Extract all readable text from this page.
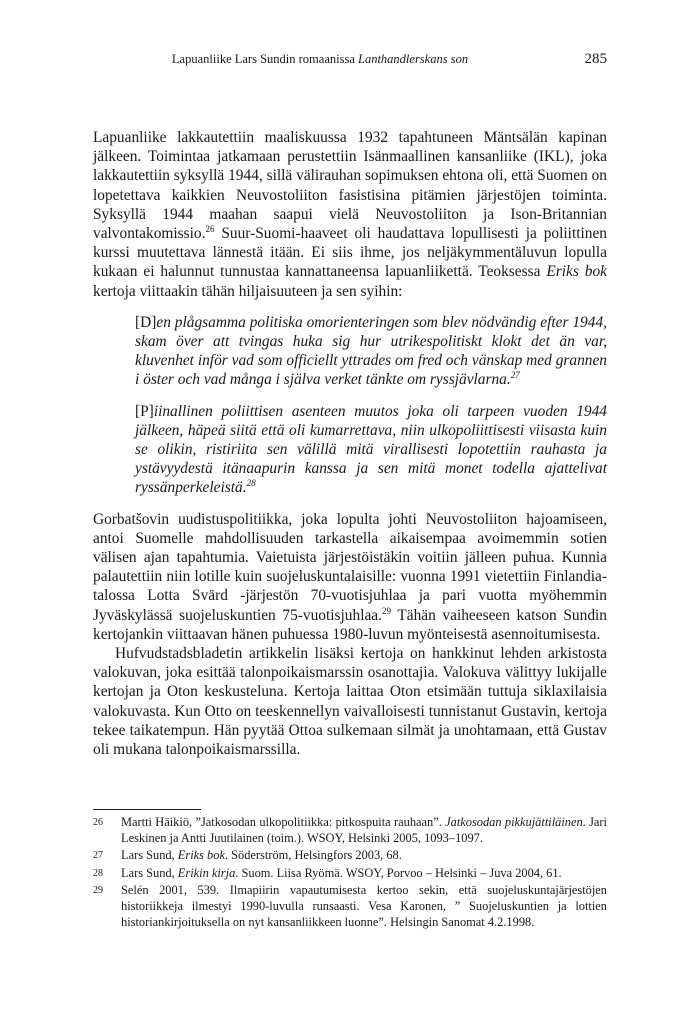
Lapuanliike Lars Sundin romaanissa Lanthandlerskans son	285

Lapuanliike lakkautettiin maaliskuussa 1932 tapahtuneen Mäntsälän kapinan jälkeen. Toimintaa jatkamaan perustettiin Isänmaallinen kansanliike (IKL), joka lakkautettiin syksyllä 1944, sillä välirauhan sopimuksen ehtona oli, että Suomen on lopetettava kaikkien Neuvostoliiton fasistisina pitämien järjestöjen toiminta. Syksyllä 1944 maahan saapui vielä Neuvostoliiton ja Ison-Britannian valvontakomissio.$^{26}$ Suur-Suomi-haaveet oli haudattava lopullisesti ja poliittinen kurssi muutettava lännestä itään. Ei siis ihme, jos neljäkymmentäluvun lopulla kukaan ei halunnut tunnustaa kannattaneensa lapuanliikettä. Teoksessa Eriks bok kertoja viittaakin tähän hiljaisuuteen ja sen syihin:

[D]en plågsamma politiska omorienteringen som blev nödvändig efter 1944, skam över att tvingas huka sig hur utrikespolitiskt klokt det än var, kluvenhet inför vad som officiellt yttrades om fred och vänskap med grannen i öster och vad många i själva verket tänkte om ryssjävlarna.$^{27}$
[P]iinallinen poliittisen asenteen muutos joka oli tarpeen vuoden 1944 jälkeen, häpeä siitä että oli kumarrettava, niin ulkopoliittisesti viisasta kuin se olikin, ristiriita sen välillä mitä virallisesti lopotettiin rauhasta ja ystävyydestä itänaapurin kanssa ja sen mitä monet todella ajattelivat ryssänperkeleistä.$^{28}$

Gorbatšovin uudistuspolitiikka, joka lopulta johti Neuvostoliiton hajoamiseen, antoi Suomelle mahdollisuuden tarkastella aikaisempaa avoimemmin sotien välisen ajan tapahtumia. Vaietuista järjestöistäkin voitiin jälleen puhua. Kunnia palautettiin niin lotille kuin suojeluskuntalaisille: vuonna 1991 vietettiin Finlandia-talossa Lotta Svärd -järjestön 70-vuotisjuhlaa ja pari vuotta myöhemmin Jyväskylässä suojeluskuntien 75-vuotisjuhlaa.$^{29}$ Tähän vaiheeseen katson Sundin kertojankin viittaavan hänen puhuessa 1980-luvun myönteisestä asennoitumisesta.

Hufvudstadsbladetin artikkelin lisäksi kertoja on hankkinut lehden arkistosta valokuvan, joka esittää talonpoikaismarssin osanottajia. Valokuva välittyy lukijalle kertojan ja Oton keskusteluna. Kertoja laittaa Oton etsimään tuttuja siklaxilaisia valokuvasta. Kun Otto on teeskennellyn vaivalloisesti tunnistanut Gustavin, kertoja tekee taikatempun. Hän pyytää Ottoa sulkemaan silmät ja unohtamaan, että Gustav oli mukana talonpoikaismarssilla.

26	Martti Häikiö, ”Jatkosodan ulkopolitiikka: pitkospuita rauhaan”. Jatkosodan pikkujättiläinen. Jari Leskinen ja Antti Juutilainen (toim.). WSOY, Helsinki 2005, 1093–1097.
27	Lars Sund, Eriks bok. Söderström, Helsingfors 2003, 68.
28	Lars Sund, Erikin kirja. Suom. Liisa Ryömä. WSOY, Porvoo – Helsinki – Juva 2004, 61.
29	Selén 2001, 539. Ilmapiirin vapautumisesta kertoo sekin, että suojeluskuntajärjestöjen historiikkeja ilmestyi 1990-luvulla runsaasti. Vesa Karonen, ” Suojeluskuntien ja lottien historiankirjoituksella on nyt kansanliikkeen luonne”. Helsingin Sanomat 4.2.1998.
